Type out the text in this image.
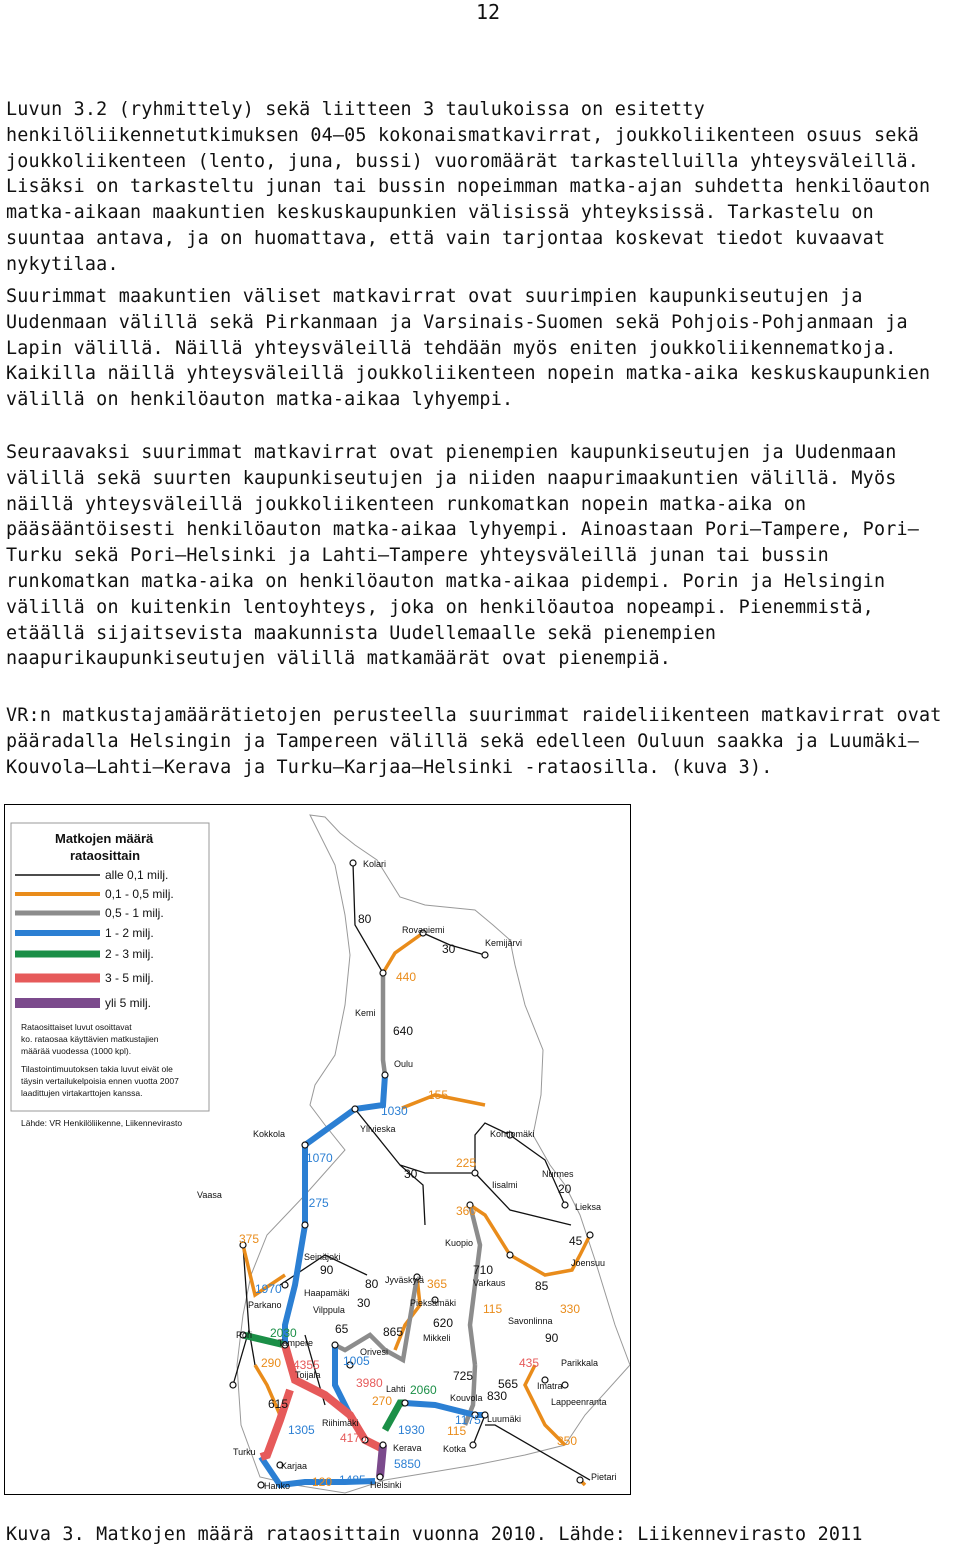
12

Luvun 3.2 (ryhmittely) sekä liitteen 3 taulukoissa on esitetty henkilöliikennetutkimuksen 04–05 kokonaismatkavirrat, joukkoliikenteen osuus sekä joukkoliikenteen (lento, juna, bussi) vuoromäärät tarkastelluilla yhteysväleillä. Lisäksi on tarkasteltu junan tai bussin nopeimman matka-ajan suhdetta henkilöauton matka-aikaan maakuntien keskuskaupunkien välisissä yhteyksissä. Tarkastelu on suuntaa antava, ja on huomattava, että vain tarjontaa koskevat tiedot kuvaavat nykytilaa.

Suurimmat maakuntien väliset matkavirrat ovat suurimpien kaupunkiseutujen ja Uudenmaan välillä sekä Pirkanmaan ja Varsinais-Suomen sekä Pohjois-Pohjanmaan ja Lapin välillä. Näillä yhteysväleillä tehdään myös eniten joukkoliikennematkoja. Kaikilla näillä yhteysväleillä joukkoliikenteen nopein matka-aika keskuskaupunkien välillä on henkilöauton matka-aikaa lyhyempi.

Seuraavaksi suurimmat matkavirrat ovat pienempien kaupunkiseutujen ja Uudenmaan välillä sekä suurten kaupunkiseutujen ja niiden naapurimaakuntien välillä. Myös näillä yhteysväleillä joukkoliikenteen runkomatkan nopein matka-aika on pääsääntöisesti henkilöauton matka-aikaa lyhyempi. Ainoastaan Pori–Tampere, Pori–Turku sekä Pori–Helsinki ja Lahti–Tampere yhteysväleillä junan tai bussin runkomatkan matka-aika on henkilöauton matka-aikaa pidempi. Porin ja Helsingin välillä on kuitenkin lentoyhteys, joka on henkilöautoa nopeampi. Pienemmistä, etäällä sijaitsevista maakunnista Uudellemaalle sekä pienempien naapurikaupunkiseutujen välillä matkamäärät ovat pienempiä.

VR:n matkustajamäärätietojen perusteella suurimmat raideliikenteen matkavirrat ovat pääradalla Helsingin ja Tampereen välillä sekä edelleen Ouluun saakka ja Luumäki–Kouvola–Lahti–Kerava ja Turku–Karjaa–Helsinki -rataosilla. (kuva 3).

Matkojen määrä
rataosittain
alle 0,1 milj.
0,1 - 0,5 milj.
0,5 - 1 milj.
1 - 2 milj.
2 - 3 milj.
3 - 5 milj.
yli 5 milj.
Rataosittaiset luvut osoittavat
ko. rataosaa käyttävien matkustajien
määrää vuodessa (1000 kpl).
Tilastointimuutoksen takia luvut eivät ole
täysin vertailukelpoisia ennen vuotta 2007
laadittujen virtakarttojen kanssa.
Lähde: VR Henkilöliikenne, Liikennevirasto
Kolari
Rovaniemi
Kemijärvi
Kemi
Oulu
Kokkola	Ylivieska	Kontiomäki
Vaasa
Iisalmi
Nurmes
Lieksa
Kuopio
Joensuu
Seinäjoki
Varkaus
Jyväskylä
Haapamäki
Parkano	Pieksämäki
Vilppula
Savonlinna
Pori
Tampere	Mikkeli
Orivesi
Parikkala
Toijala
Imatra
Lahti
Kouvola	Lappeenranta
Riihimäki	Luumäki
Turku	Kerava Kotka
Karjaa
Hanko	Helsinki
Pietari
80
30
440
640
155
1030
1070
30
225
20
1275
360
375	45
90	710
80	365	85
1970
30	115	330
65	865
620
2030	90
290 4355 1005	435
725
3980 2060	565
615	270	830
1175
1305	1930 115
4175	350
5850
120 1485
Kuva 3. Matkojen määrä rataosittain vuonna 2010. Lähde: Liikennevirasto 2011
